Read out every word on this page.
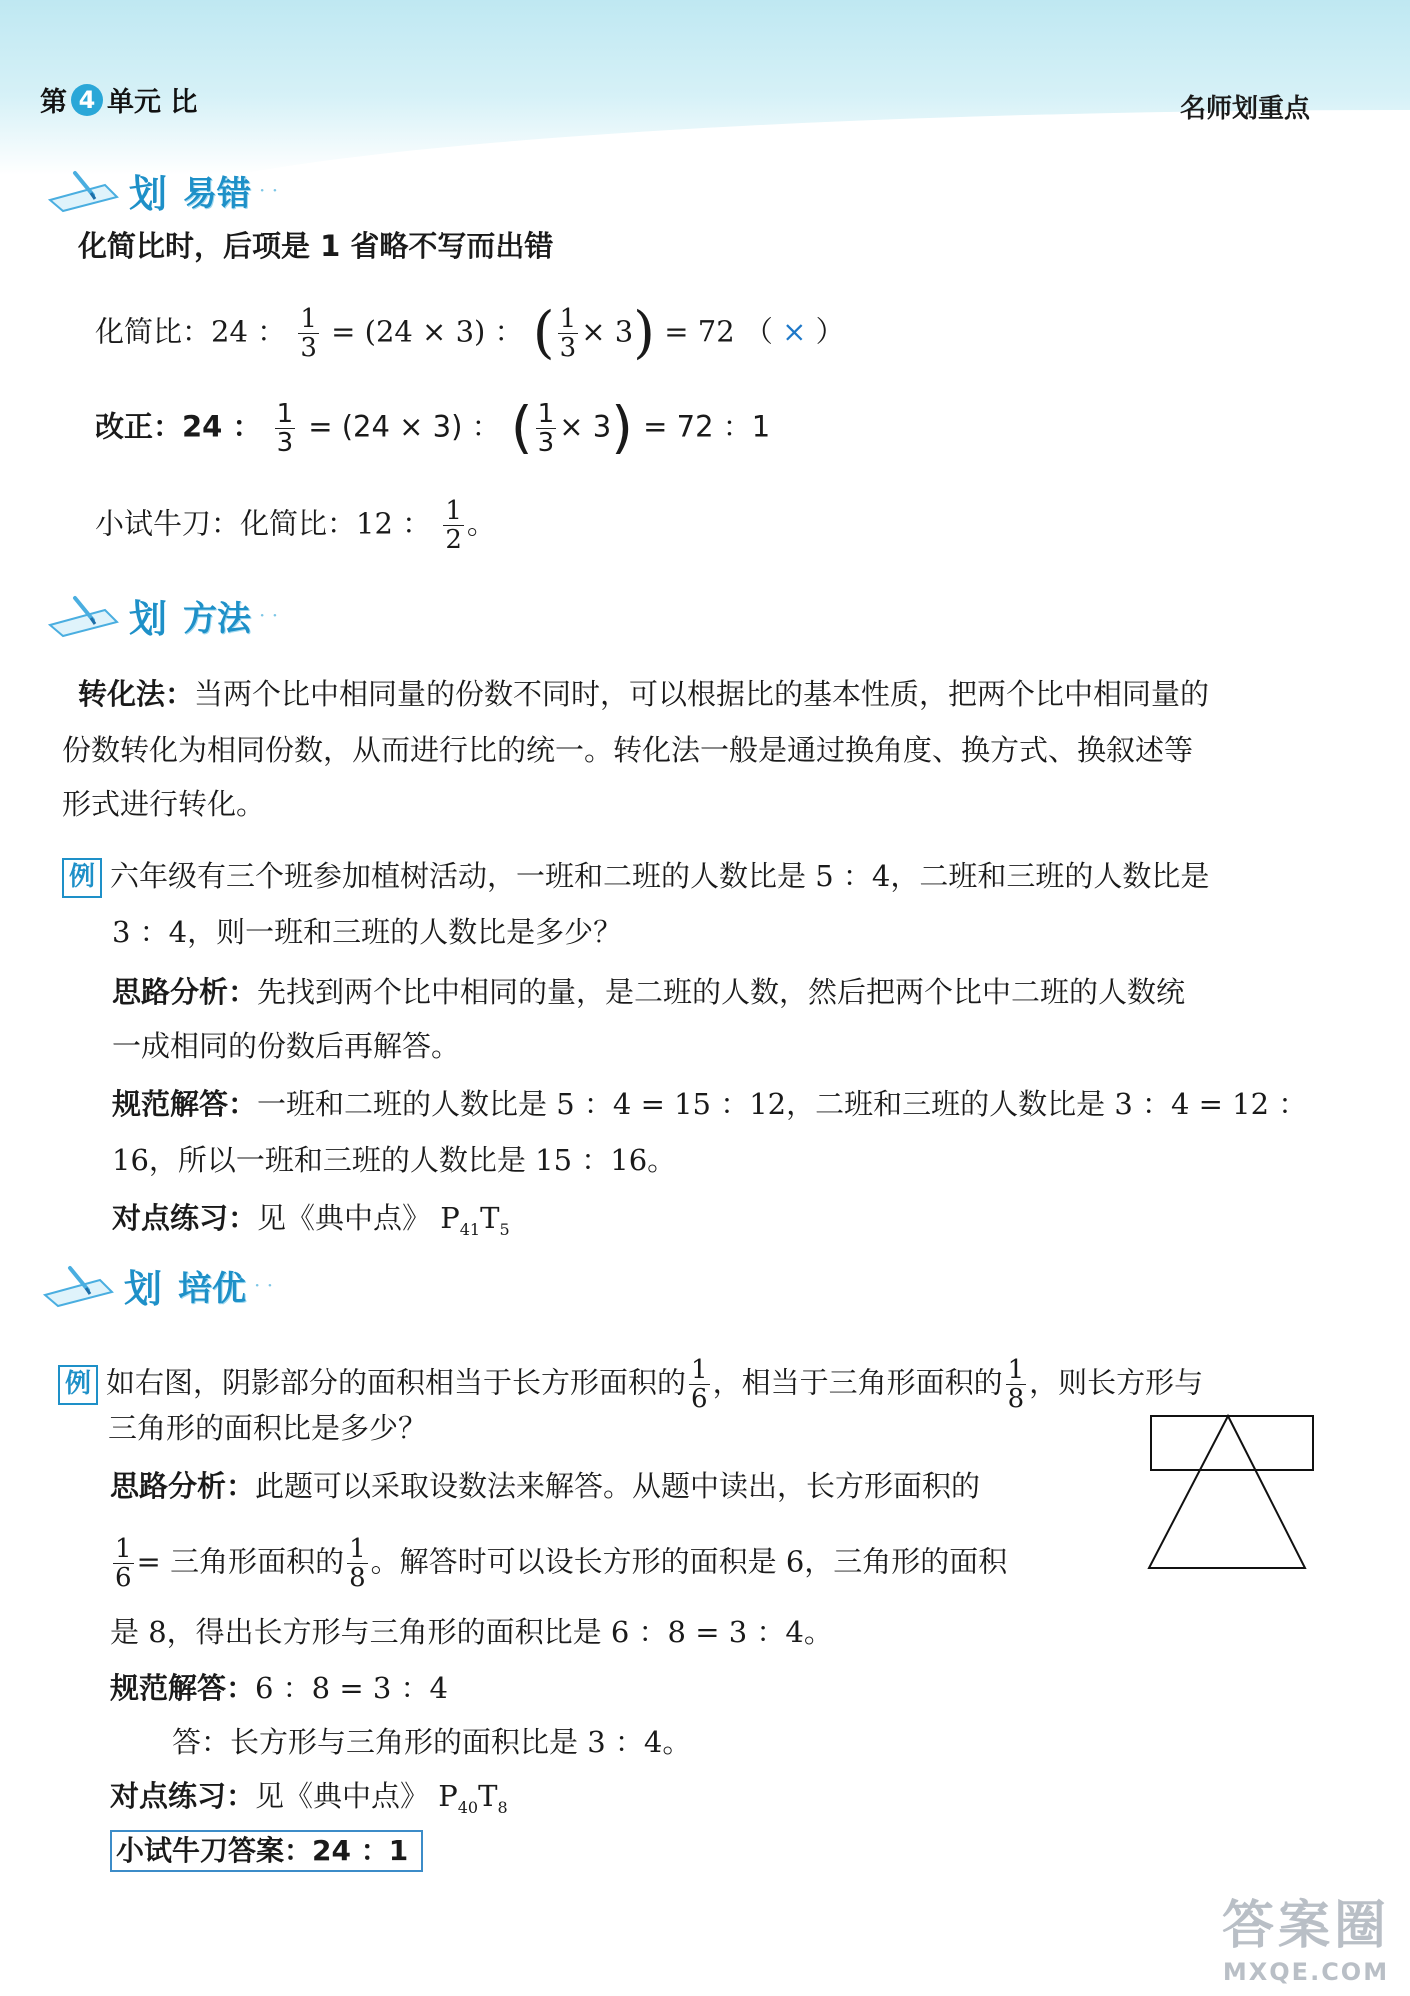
第 4 单元 比	名师划重点
划 易错 · ·
化简比时，后项是 1 省略不写而出错
化简比：24 ： $\frac{1}{3} = (24 \times 3)$ ： ( $\frac{1}{3} \times 3) = 72$ （ × ）
改正：24 ： $\frac{1}{3} = (24 \times 3)$ ： ( $\frac{1}{3} \times 3) = 72$ ：1
小试牛刀：化简比：12 ： $\frac{1}{2}$ 。
划 方法 · ·
转化法：当两个比中相同量的份数不同时，可以根据比的基本性质，把两个比中相同量的
份数转化为相同份数，从而进行比的统一。转化法一般是通过换角度、换方式、换叙述等
形式进行转化。
例 六年级有三个班参加植树活动，一班和二班的人数比是 5 ：4，二班和三班的人数比是
3 ：4，则一班和三班的人数比是多少？
思路分析：先找到两个比中相同的量，是二班的人数，然后把两个比中二班的人数统
一成相同的份数后再解答。
规范解答：一班和二班的人数比是 5 ：4 = 15 ：12，二班和三班的人数比是 3 ：4 = 12 ：
16，所以一班和三班的人数比是 15 ：16。
对点练习：见《典中点》 $P_{41}T_5$
划 培优 · ·
例 如右图，阴影部分的面积相当于长方形面积的 $\frac{1}{6}$ ，相当于三角形面积的 $\frac{1}{8}$ ，则长方形与
三角形的面积比是多少？
思路分析：此题可以采取设数法来解答。从题中读出，长方形面积的
$\frac{1}{6}$ = 三角形面积的 $\frac{1}{8}$ 。解答时可以设长方形的面积是 6，三角形的面积
是 8，得出长方形与三角形的面积比是 6 ：8 = 3 ：4。
规范解答：6 ：8 = 3 ：4
答：长方形与三角形的面积比是 3 ：4。
对点练习：见《典中点》 $P_{40}T_8$
小试牛刀答案：24 ：1
答案圈
MXQE.COM
